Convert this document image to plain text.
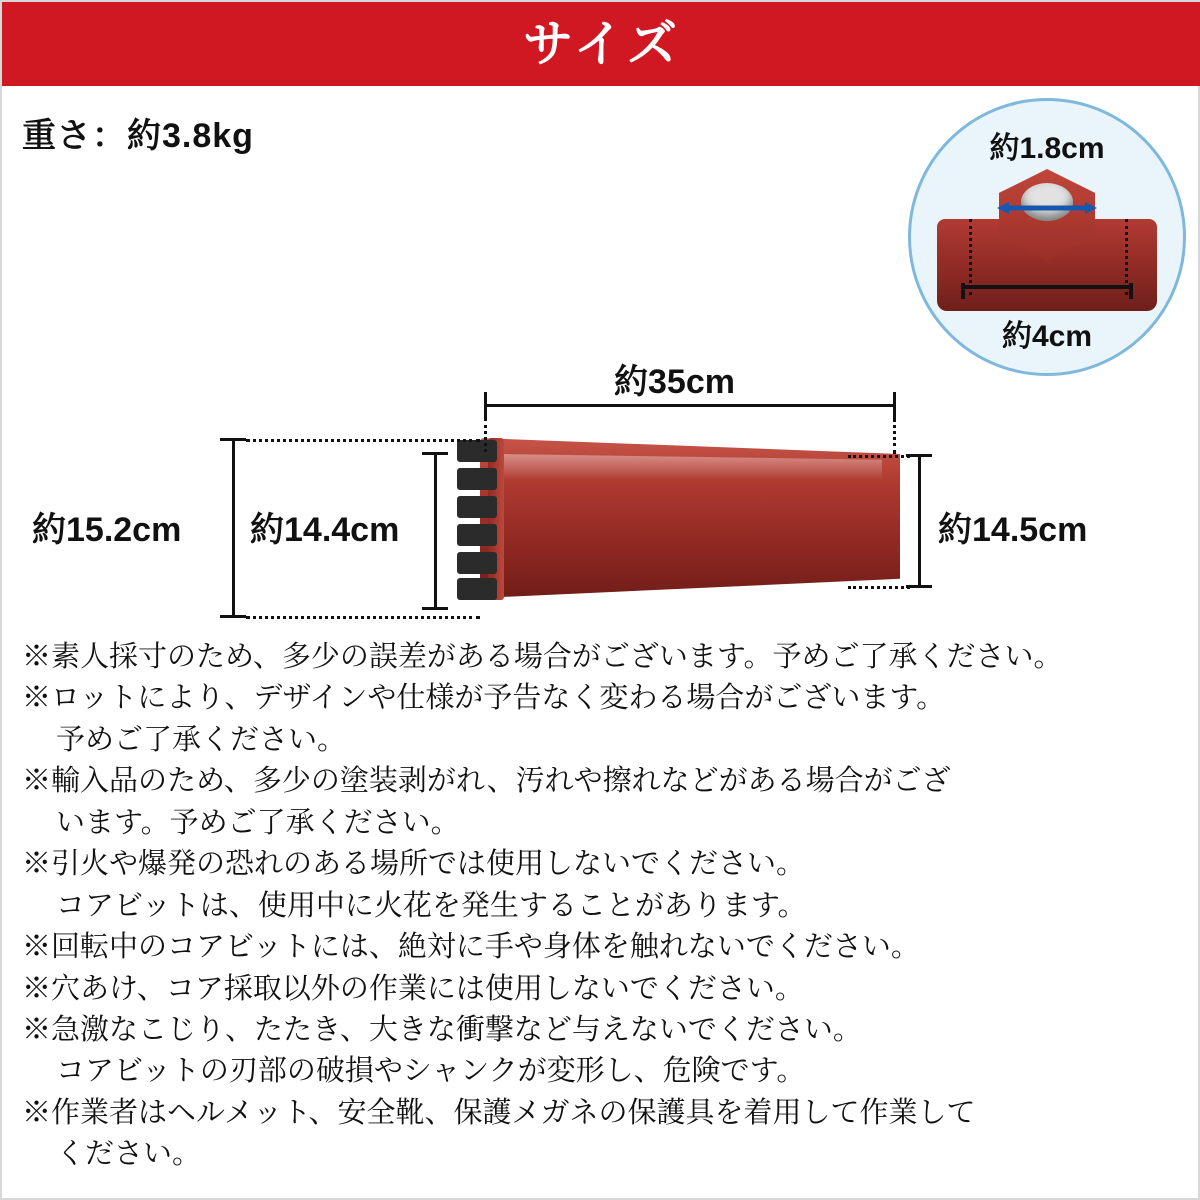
サイズ
重さ：約3.8kg	約1.8cm
約4cm
約35cm
約15.2cm 約14.4cm	約14.5cm
※素人採寸のため、多少の誤差がある場合がございます。予めご了承ください。
※ロットにより、デザインや仕様が予告なく変わる場合がございます。
予めご了承ください。
※輸入品のため、多少の塗装剥がれ、汚れや擦れなどがある場合がござ
います。予めご了承ください。
※引火や爆発の恐れのある場所では使用しないでください。
コアビットは、使用中に火花を発生することがあります。
※回転中のコアビットには、絶対に手や身体を触れないでください。
※穴あけ、コア採取以外の作業には使用しないでください。
※急激なこじり、たたき、大きな衝撃など与えないでください。
コアビットの刃部の破損やシャンクが変形し、危険です。
※作業者はヘルメット、安全靴、保護メガネの保護具を着用して作業して
ください。
